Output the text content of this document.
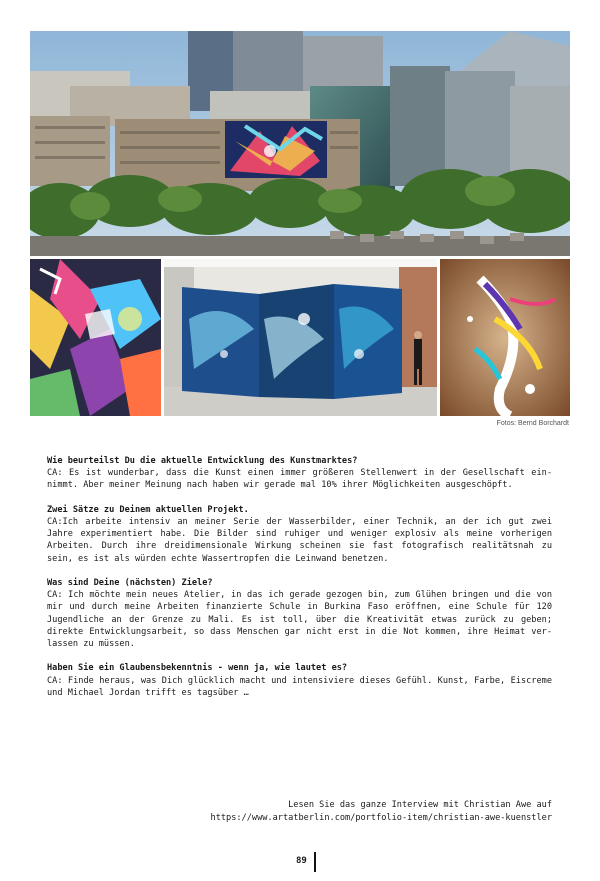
Fotos: Bernd Borchardt

Wie beurteilst Du die aktuelle Entwicklung des Kunstmarktes?

CA: Es ist wunderbar, dass die Kunst einen immer größeren Stellenwert in der Gesellschaft einnimmt. Aber meiner Meinung nach haben wir gerade mal 10% ihrer Möglichkeiten ausgeschöpft.

Zwei Sätze zu Deinem aktuellen Projekt.

CA:Ich arbeite intensiv an meiner Serie der Wasserbilder, einer Technik, an der ich gut zwei Jahre experimentiert habe. Die Bilder sind ruhiger und weniger explosiv als meine vorherigen Arbeiten. Durch ihre dreidimensionale Wirkung scheinen sie fast fotografisch realitätsnah zu sein, es ist als würden echte Wassertropfen die Leinwand benetzen.

Was sind Deine (nächsten) Ziele?

CA: Ich möchte mein neues Atelier, in das ich gerade gezogen bin, zum Glühen bringen und die von mir und durch meine Arbeiten finanzierte Schule in Burkina Faso eröffnen, eine Schule für 120 Jugendliche an der Grenze zu Mali. Es ist toll, über die Kreativität etwas zurück zu geben; direkte Entwicklungsarbeit, so dass Menschen gar nicht erst in die Not kommen, ihre Heimat verlassen zu müssen.

Haben Sie ein Glaubensbekenntnis - wenn ja, wie lautet es?

CA: Finde heraus, was Dich glücklich macht und intensiviere dieses Gefühl. Kunst, Farbe, Eiscreme und Michael Jordan trifft es tagsüber …

Lesen Sie das ganze Interview mit Christian Awe auf

https://www.artatberlin.com/portfolio-item/christian-awe-kuenstler

89
